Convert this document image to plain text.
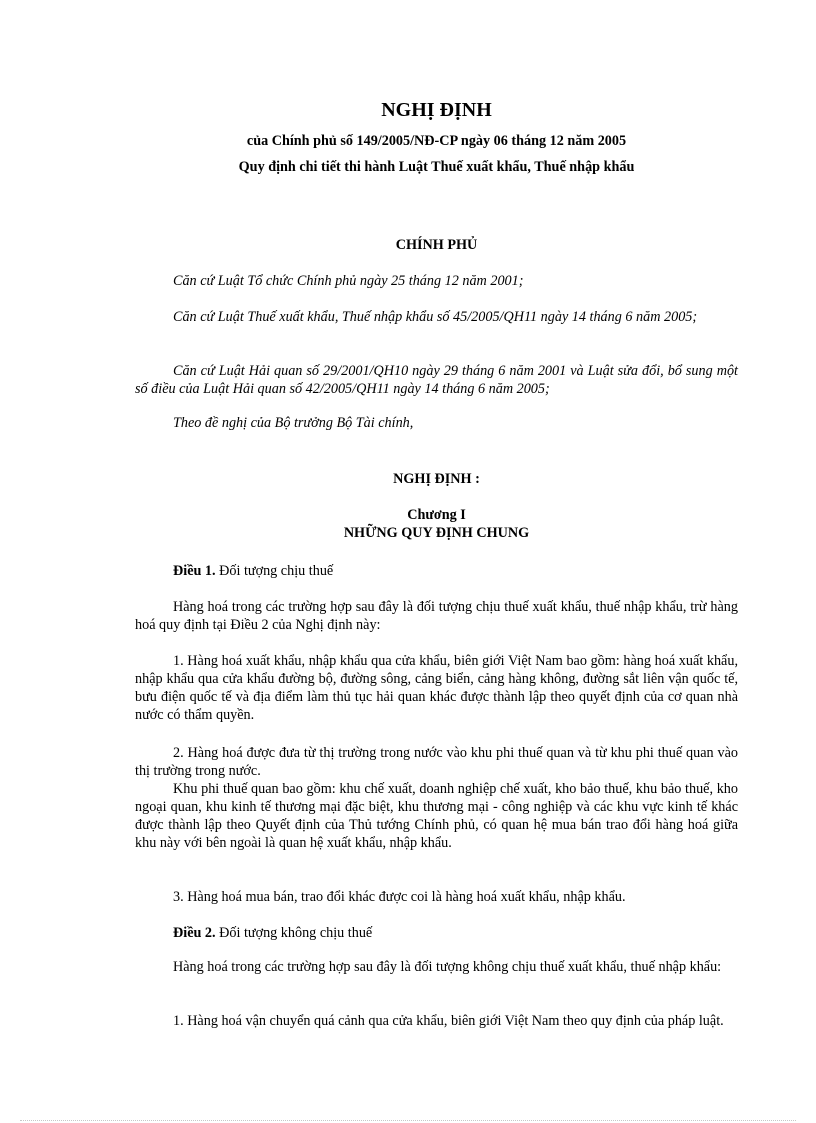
NGHỊ ĐỊNH
của Chính phủ số 149/2005/NĐ-CP ngày 06 tháng 12 năm 2005
Quy định chi tiết thi hành Luật Thuế xuất khẩu, Thuế nhập khẩu
CHÍNH PHỦ

Căn cứ Luật Tổ chức Chính phủ ngày 25 tháng 12 năm 2001;

Căn cứ Luật Thuế xuất khẩu, Thuế nhập khẩu số 45/2005/QH11 ngày 14 tháng 6 năm 2005;

Căn cứ Luật Hải quan số 29/2001/QH10 ngày 29 tháng 6 năm 2001 và Luật sửa đổi, bổ sung một số điều của Luật Hải quan số 42/2005/QH11 ngày 14 tháng 6 năm 2005;

Theo đề nghị của Bộ trưởng Bộ Tài chính,

NGHỊ ĐỊNH :
Chương I
NHỮNG QUY ĐỊNH CHUNG

Điều 1. Đối tượng chịu thuế

Hàng hoá trong các trường hợp sau đây là đối tượng chịu thuế xuất khẩu, thuế nhập khẩu, trừ hàng hoá quy định tại Điều 2 của Nghị định này:

1. Hàng hoá xuất khẩu, nhập khẩu qua cửa khẩu, biên giới Việt Nam bao gồm: hàng hoá xuất khẩu, nhập khẩu qua cửa khẩu đường bộ, đường sông, cảng biển, cảng hàng không, đường sắt liên vận quốc tế, bưu điện quốc tế và địa điểm làm thủ tục hải quan khác được thành lập theo quyết định của cơ quan nhà nước có thẩm quyền.

2. Hàng hoá được đưa từ thị trường trong nước vào khu phi thuế quan và từ khu phi thuế quan vào thị trường trong nước.

Khu phi thuế quan bao gồm: khu chế xuất, doanh nghiệp chế xuất, kho bảo thuế, khu bảo thuế, kho ngoại quan, khu kinh tế thương mại đặc biệt, khu thương mại - công nghiệp và các khu vực kinh tế khác được thành lập theo Quyết định của Thủ tướng Chính phủ, có quan hệ mua bán trao đổi hàng hoá giữa khu này với bên ngoài là quan hệ xuất khẩu, nhập khẩu.

3. Hàng hoá mua bán, trao đổi khác được coi là hàng hoá xuất khẩu, nhập khẩu.

Điều 2. Đối tượng không chịu thuế

Hàng hoá trong các trường hợp sau đây là đối tượng không chịu thuế xuất khẩu, thuế nhập khẩu:

1. Hàng hoá vận chuyển quá cảnh qua cửa khẩu, biên giới Việt Nam theo quy định của pháp luật.
